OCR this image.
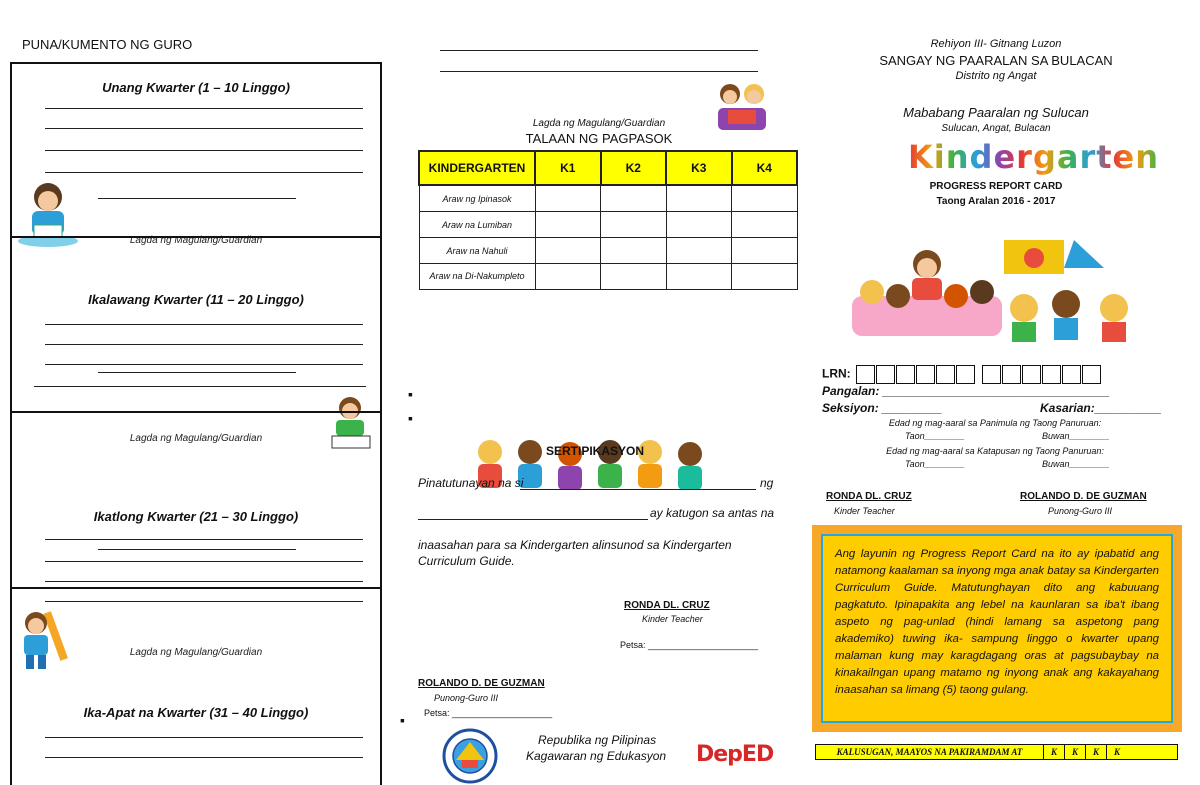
PUNA/KUMENTO NG GURO
Unang Kwarter (1 – 10 Linggo)
Lagda ng Magulang/Guardian
Ikalawang Kwarter (11 – 20 Linggo)
Lagda ng Magulang/Guardian
Ikatlong Kwarter (21 – 30 Linggo)
Lagda ng Magulang/Guardian
Ika-Apat na Kwarter (31 – 40 Linggo)
Lagda ng Magulang/Guardian
TALAAN NG PAGPASOK
KINDERGARTEN	K1	K2	K3	K4
Araw ng Ipinasok				
Araw na Lumiban				
Araw na Nahuli				
Araw na Di-Nakumpleto				
▪
▪
▪
SERTIPIKASYON
Pinatutunayan na si	ng
ay katugon sa antas na
inaasahan para sa Kindergarten alinsunod sa Kindergarten Curriculum Guide.
RONDA DL. CRUZ
Kinder Teacher
Petsa: ______________________
ROLANDO D. DE GUZMAN
Punong-Guro III
Petsa: ____________________
Republika ng Pilipinas
Kagawaran ng Edukasyon DepED
Rehiyon III- Gitnang Luzon
SANGAY NG PAARALAN SA BULACAN
Distrito ng Angat
Mababang Paaralan ng Sulucan
Sulucan, Angat, Bulacan
Kindergarten
PROGRESS REPORT CARD
Taong Aralan 2016 - 2017
LRN:
Pangalan: __________________________________
Seksiyon: _________	Kasarian:__________
Edad ng mag-aaral sa Panimula ng Taong Panuruan:
Taon________	Buwan________
Edad ng mag-aaral sa Katapusan ng Taong Panuruan:
Taon________	Buwan________
RONDA DL. CRUZ
Kinder Teacher
ROLANDO D. DE GUZMAN
Punong-Guro III
Ang layunin ng Progress Report Card na ito ay ipabatid ang natamong kaalaman sa inyong mga anak batay sa Kindergarten Curriculum Guide. Matutunghayan dito ang kabuuang pagkatuto. Ipinapakita ang lebel na kaunlaran sa iba't ibang aspeto ng pag-unlad (hindi lamang sa aspetong pang akademiko) tuwing ika- sampung linggo o kwarter upang malaman kung may karagdagang oras at pagsubaybay na kinakailngan upang matamo ng inyong anak ang kakayahang inaasahan sa limang (5) taong gulang.
KALUSUGAN, MAAYOS NA PAKIRAMDAM AT	K	K	K	K
